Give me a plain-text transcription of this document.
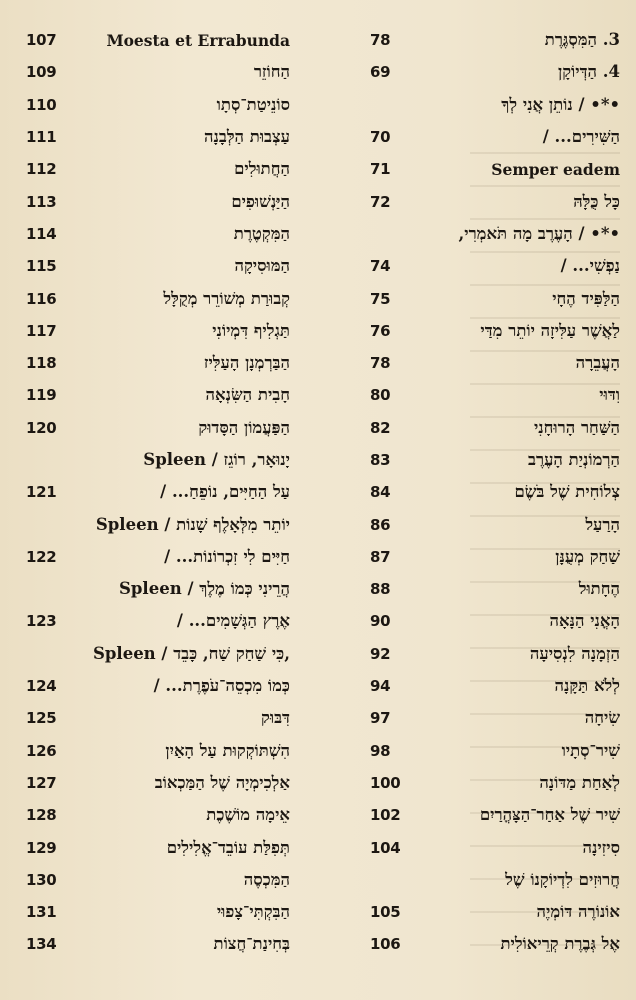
107	Moesta et Errabunda
109	הַחוֹזֵר
110	סוֹנֵיטַת־סְתָו
111	עַצְבוּת הַלְּבָנָה
112	הַחֲתוּלִים
113	הַיַּנְשׁוּפִים
114	הַמִּקְטֶרֶת
115	הַמּוּסִיקָה
116	קְבוּרַת מְשׁוֹרֵר מְקֻלָּל
117	תַּגְלִיף דִּמְיוֹנִי
118	הַבַּרְמְנָן הָעַלִּיז
119	חָבִית הַשִּׂנְאָה
120	הַפַּעֲמוֹן הַסָּדוּק
Spleen / יָנוּאָר, רוֹגֵז
121	עַל הַחַיִּים, נוֹפֵחַ... /
Spleen / יוֹתֵר מִלְּאָלֶף שָׁנוֹת
122	חַיִּים לִי זִכְרוֹנוֹת... /
Spleen / הֲרֵינִי כְּמוֹ מֶלֶךְ
123	אֶרֶץ הַגְּשָׁמִים... /
Spleen / כִּי שַׁחַק שַׁח, כָּבֵד,
124	כְּמוֹ מִכְסֵה־עֹפֶרֶת... /
125	דִּבּוּק
126	הִשְׁתּוֹקְקוּת עַל הָאַיִן
127	אַלְכִימְיָה שֶׁל הַמַּכְאוֹב
128	אֵימָה מוֹשֶׁכֶת
129	תְּפִלַּת עוֹבֵד־אֱלִילִים
130	הַמִּכְסֶה
131	הַבִּקְתִּי־צָפוּי
134	בְּחִינַת־חֲצוֹת
78	3. הַמִּסְגֶּרֶת
69	4. הַדְּיוֹקָן
•*• / נוֹתֵן אֲנִי לְךָ
70	הַשִּׁירִים... /
71	Semper eadem
72	כָּל כֻּלָּהּ
•*• / הָעֶרֶב מָה תֹּאמְרִי,
74	נַפְשִׁי... /
75	הַלַּפִּיד הֶחָי
76	לַאֲשֶׁר עַלִּיזָה יוֹתֵר מִדַּי
78	הָעֲבֵרָה
80	וִדּוּי
82	הַשַּׁחַר הָרוּחָנִי
83	הַרְמוֹנְיַת הָעֶרֶב
84	צְלוֹחִית שֶׁל בֹּשֶׂם
86	הָרַעַל
87	שַׁחַק מְעֻנָּן
88	הֶחָתוּל
90	הָאֳנִי הַנָּאָה
92	הַזְמָנָה לִנְסִיעָה
94	לְלֹא תַּקָּנָה
97	שִׂיחָה
98	שִׁיר־סְתָיו
100	לְאַחַת מַדּוֹנָה
102	שִׁיר שֶׁל אַחַר־הַצָּהֳרַיִם
104	סִיזִינָה
חֲרוּזִים לִדְיוֹקָנוֹ שֶׁל
105	אוֹנוֹרֶה דּוֹמְיֶה
106	אֶל גְּבֶרֶת קְרֵיאוֹלִית
